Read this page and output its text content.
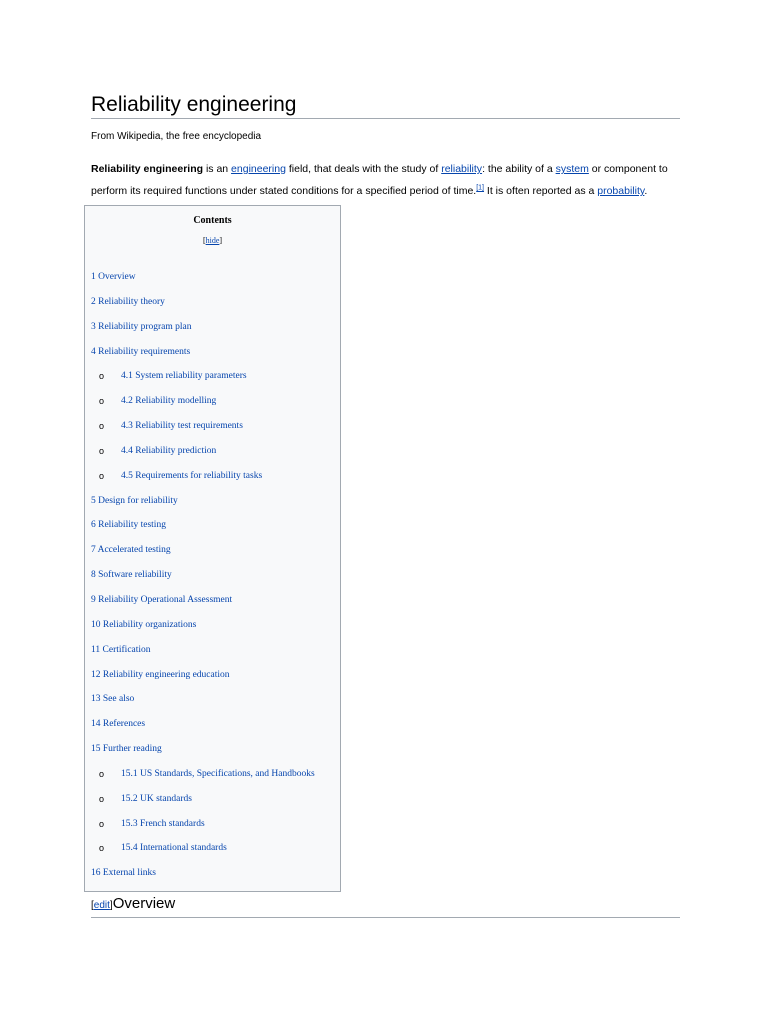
Reliability engineering
From Wikipedia, the free encyclopedia

Reliability engineering is an engineering field, that deals with the study of reliability: the ability of a system or component to perform its required functions under stated conditions for a specified period of time.[1] It is often reported as a probability.

Contents
[hide]
1 Overview
2 Reliability theory
3 Reliability program plan
4 Reliability requirements
o 4.1 System reliability parameters
o 4.2 Reliability modelling
o 4.3 Reliability test requirements
o 4.4 Reliability prediction
o 4.5 Requirements for reliability tasks
5 Design for reliability
6 Reliability testing
7 Accelerated testing
8 Software reliability
9 Reliability Operational Assessment
10 Reliability organizations
11 Certification
12 Reliability engineering education
13 See also
14 References
15 Further reading
o 15.1 US Standards, Specifications, and Handbooks
o 15.2 UK standards
o 15.3 French standards
o 15.4 International standards
16 External links
[edit]Overview
